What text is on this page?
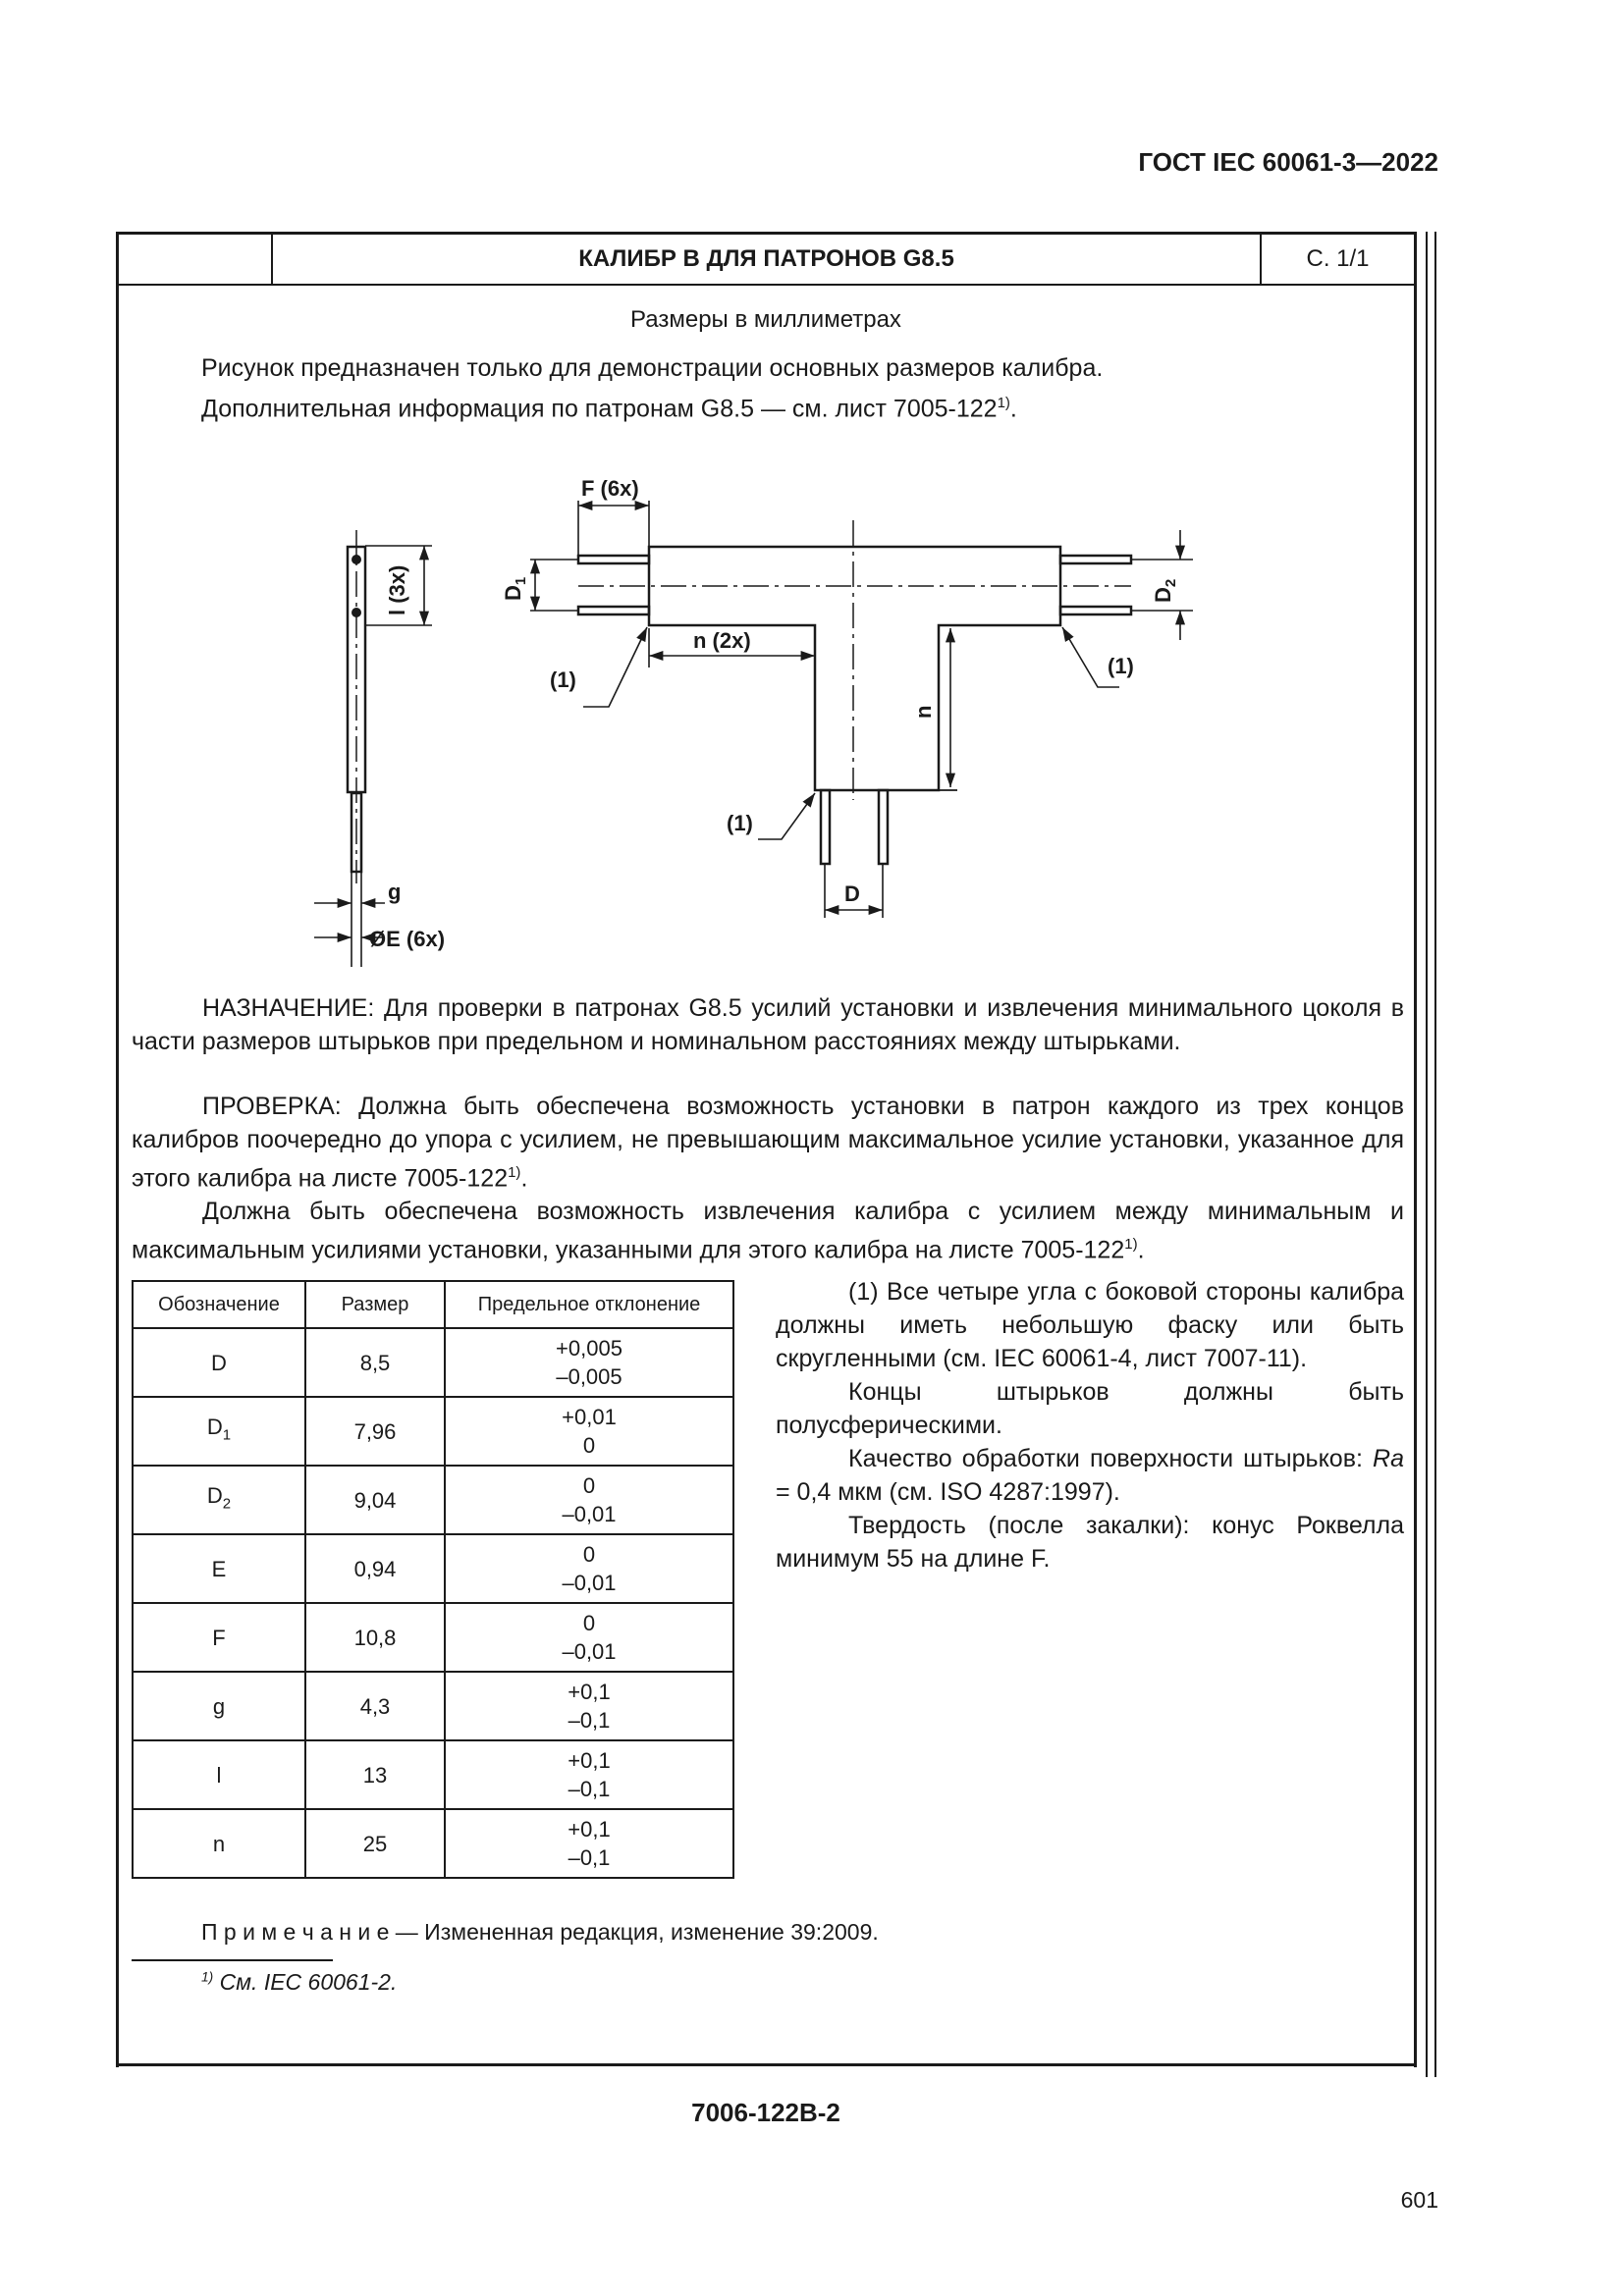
ГОСТ IEC 60061-3—2022
КАЛИБР В ДЛЯ ПАТРОНОВ G8.5	С. 1/1
Размеры в миллиметрах

Рисунок предназначен только для демонстрации основных размеров калибра.

Дополнительная информация по патронам G8.5 — см. лист 7005-122$^{1)}$.

F (6x)
l (3x)	$D_1$
$D_2$
n (2x)
n
(1)
(1)
(1)
D
g
ØE (6x)

НАЗНАЧЕНИЕ: Для проверки в патронах G8.5 усилий установки и извлечения минимального цоколя в части размеров штырьков при предельном и номинальном расстояниях между штырьками.

ПРОВЕРКА: Должна быть обеспечена возможность установки в патрон каждого из трех концов калибров поочередно до упора с усилием, не превышающим максимальное усилие установки, указанное для этого калибра на листе 7005-122$^{1)}$.

Должна быть обеспечена возможность извлечения калибра с усилием между минимальным и максимальным усилиями установки, указанными для этого калибра на листе 7005-122$^{1)}$.

Обозначение	Размер	Предельное отклонение
D	8,5	+0,005
–0,005

$D_1$	7,96	+0,01
0

$D_2$	9,04	0
–0,01

E	0,94	0
–0,01

F	10,8	0
–0,01

g	4,3	+0,1
–0,1

l	13	+0,1
–0,1

n	25	+0,1
–0,1

(1) Все четыре угла с боковой стороны калибра должны иметь небольшую фаску или быть скругленными (см. IEC 60061-4, лист 7007-11).

Концы штырьков должны быть полусферическими.

Качество обработки поверхности штырьков: Ra = 0,4 мкм (см. ISO 4287:1997).

Твердость (после закалки): конус Роквелла минимум 55 на длине F.

П р и м е ч а н и е — Измененная редакция, изменение 39:2009.
$^{1)}$ См. IEC 60061-2.
7006-122B-2
601
